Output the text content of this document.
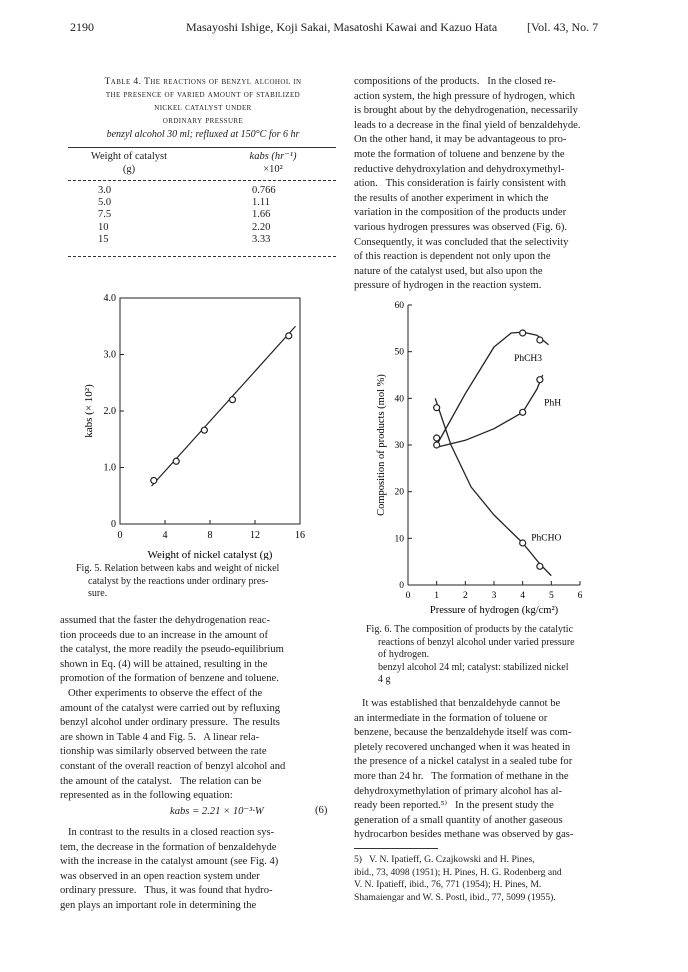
2190	Masayoshi Ishige, Koji Sakai, Masatoshi Kawai and Kazuo Hata [Vol. 43, No. 7
Table 4. The reactions of benzyl alcohol in
the presence of varied amount of stabilized
nickel catalyst under
ordinary pressure
benzyl alcohol 30 ml; refluxed at 150°C for 6 hr
Weight of catalyst
(g)
kabs (hr⁻¹)
×10²
3.0	0.766
5.0	1.11
7.5	1.66
10	2.20
15	3.33
0	4	8	12	16
0
1.0
2.0
3.0
4.0
Weight of nickel catalyst (g)
kabs (× 10²)
Fig. 5. Relation between kabs and weight of nickel
catalyst by the reactions under ordinary pres-
sure.	0	1	2	3	4	5	6
0
10
20
30
40
50
60
Pressure of hydrogen (kg/cm²)
Composition of products (mol %)
PhCH3
PhH
PhCHO
Fig. 6. The composition of products by the catalytic
reactions of benzyl alcohol under varied pressure
of hydrogen.
benzyl alcohol 24 ml; catalyst: stabilized nickel
4 g
compositions of the products.   In the closed re-
action system, the high pressure of hydrogen, which
is brought about by the dehydrogenation, necessarily
leads to a decrease in the final yield of benzaldehyde.
On the other hand, it may be advantageous to pro-
mote the formation of toluene and benzene by the
reductive dehydroxylation and dehydroxymethyl-
ation.   This consideration is fairly consistent with
the results of another experiment in which the
variation in the composition of the products under
various hydrogen pressures was observed (Fig. 6).
Consequently, it was concluded that the selectivity
of this reaction is dependent not only upon the
nature of the catalyst used, but also upon the
pressure of hydrogen in the reaction system.
assumed that the faster the dehydrogenation reac-
tion proceeds due to an increase in the amount of
the catalyst, the more readily the pseudo-equilibrium
shown in Eq. (4) will be attained, resulting in the
promotion of the formation of benzene and toluene.
Other experiments to observe the effect of the
amount of the catalyst were carried out by refluxing
benzyl alcohol under ordinary pressure.  The results
are shown in Table 4 and Fig. 5.   A linear rela-
tionship was similarly observed between the rate
constant of the overall reaction of benzyl alcohol and
the amount of the catalyst.   The relation can be
represented as in the following equation:
kabs = 2.21 × 10⁻³·W	(6)
In contrast to the results in a closed reaction sys-
tem, the decrease in the formation of benzaldehyde
with the increase in the catalyst amount (see Fig. 4)
was observed in an open reaction system under
ordinary pressure.   Thus, it was found that hydro-
gen plays an important role in determining the
It was established that benzaldehyde cannot be
an intermediate in the formation of toluene or
benzene, because the benzaldehyde itself was com-
pletely recovered unchanged when it was heated in
the presence of a nickel catalyst in a sealed tube for
more than 24 hr.   The formation of methane in the
dehydroxymethylation of primary alcohol has al-
ready been reported.⁵⁾   In the present study the
generation of a small quantity of another gaseous
hydrocarbon besides methane was observed by gas-
5)   V. N. Ipatieff, G. Czajkowski and H. Pines,
ibid., 73, 4098 (1951); H. Pines, H. G. Rodenberg and
V. N. Ipatieff, ibid., 76, 771 (1954); H. Pines, M.
Shamaiengar and W. S. Postl, ibid., 77, 5099 (1955).
